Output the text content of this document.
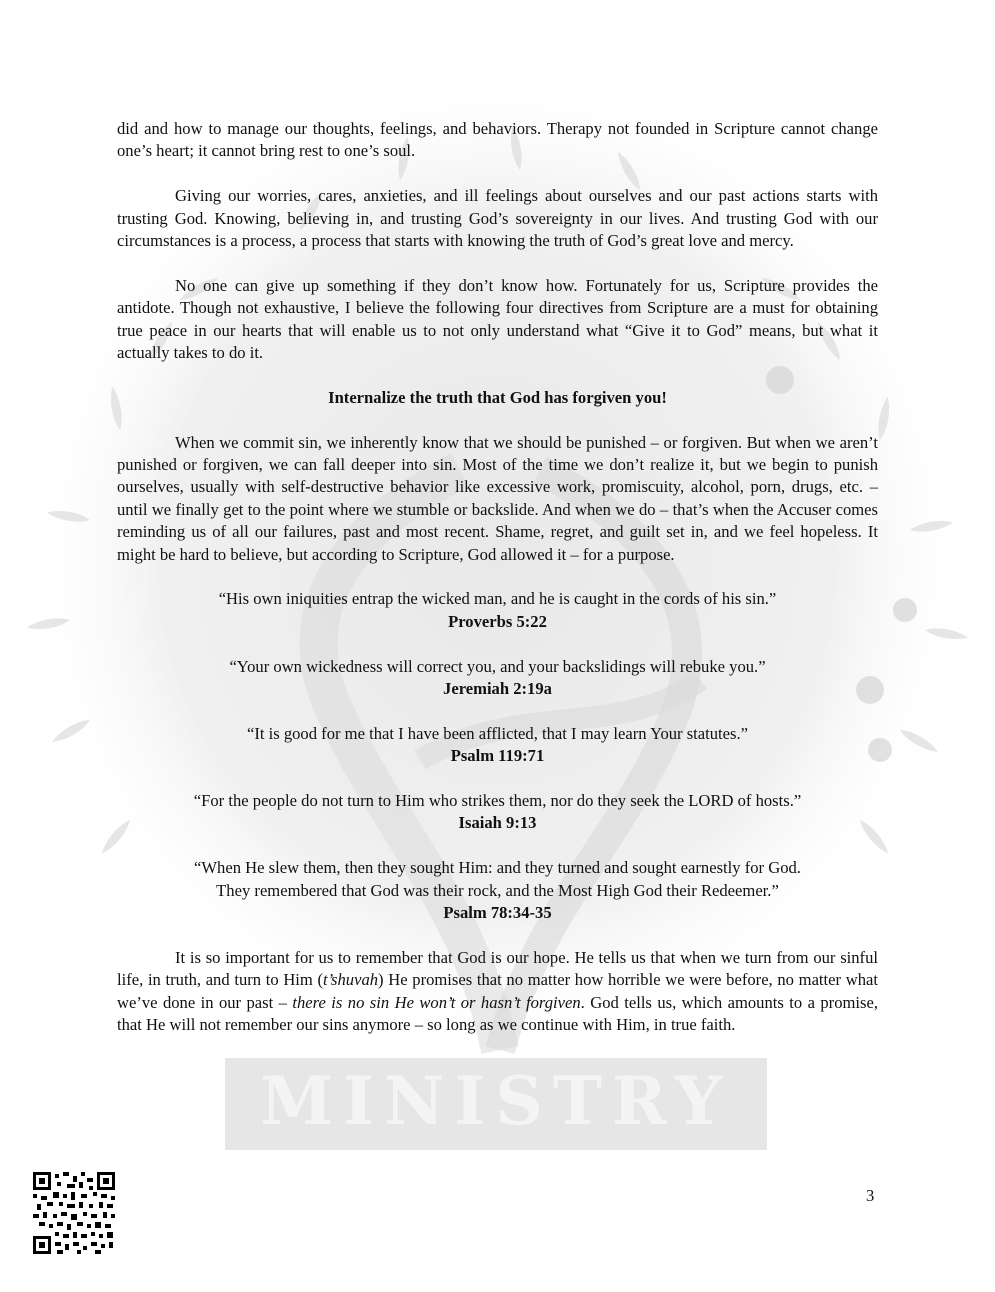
MINISTRY

did and how to manage our thoughts, feelings, and behaviors. Therapy not founded in Scripture cannot change one’s heart; it cannot bring rest to one’s soul.

Giving our worries, cares, anxieties, and ill feelings about ourselves and our past actions starts with trusting God. Knowing, believing in, and trusting God’s sovereignty in our lives. And trusting God with our circumstances is a process, a process that starts with knowing the truth of God’s great love and mercy.

No one can give up something if they don’t know how. Fortunately for us, Scripture provides the antidote. Though not exhaustive, I believe the following four directives from Scripture are a must for obtaining true peace in our hearts that will enable us to not only understand what “Give it to God” means, but what it actually takes to do it.

Internalize the truth that God has forgiven you!

When we commit sin, we inherently know that we should be punished – or forgiven. But when we aren’t punished or forgiven, we can fall deeper into sin. Most of the time we don’t realize it, but we begin to punish ourselves, usually with self-destructive behavior like excessive work, promiscuity, alcohol, porn, drugs, etc. – until we finally get to the point where we stumble or backslide. And when we do – that’s when the Accuser comes reminding us of all our failures, past and most recent. Shame, regret, and guilt set in, and we feel hopeless. It might be hard to believe, but according to Scripture, God allowed it – for a purpose.

“His own iniquities entrap the wicked man, and he is caught in the cords of his sin.”
Proverbs 5:22

“Your own wickedness will correct you, and your backslidings will rebuke you.”
Jeremiah 2:19a

“It is good for me that I have been afflicted, that I may learn Your statutes.”
Psalm 119:71

“For the people do not turn to Him who strikes them, nor do they seek the LORD of hosts.”
Isaiah 9:13

“When He slew them, then they sought Him: and they turned and sought earnestly for God.
They remembered that God was their rock, and the Most High God their Redeemer.”
Psalm 78:34-35

It is so important for us to remember that God is our hope. He tells us that when we turn from our sinful life, in truth, and turn to Him (t’shuvah) He promises that no matter how horrible we were before, no matter what we’ve done in our past – there is no sin He won’t or hasn’t forgiven. God tells us, which amounts to a promise, that He will not remember our sins anymore – so long as we continue with Him, in true faith.

3
